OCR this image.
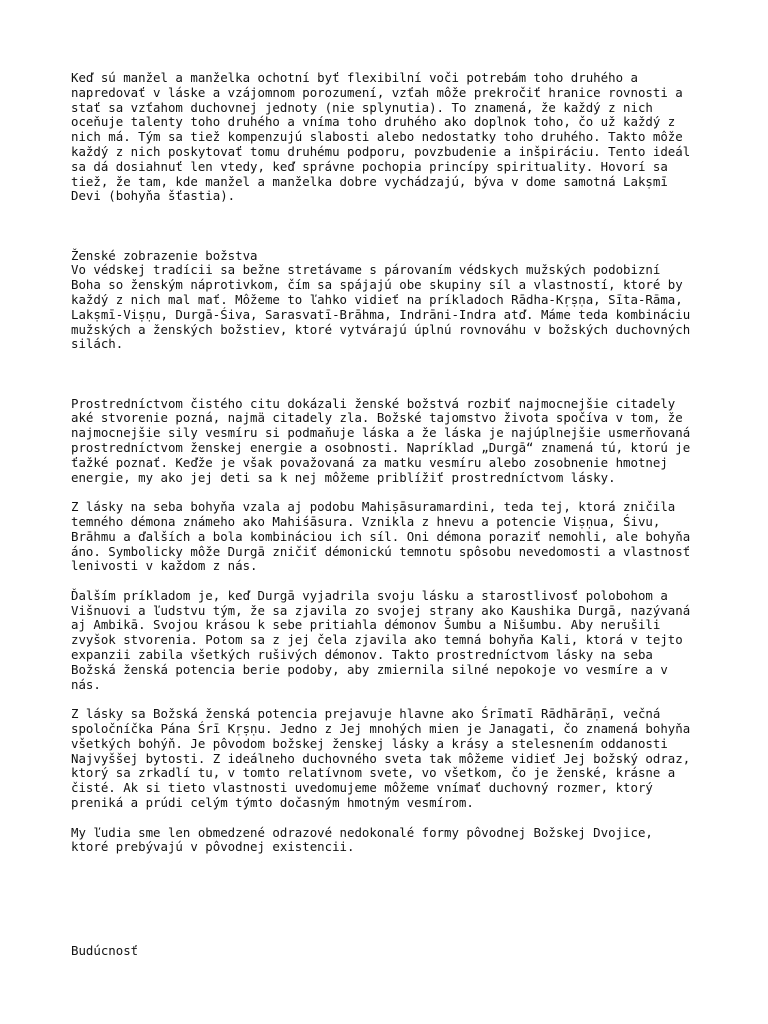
Keď sú manžel a manželka ochotní byť flexibilní voči potrebám toho druhého a
napredovať v láske a vzájomnom porozumení, vzťah môže prekročiť hranice rovnosti a
stať sa vzťahom duchovnej jednoty (nie splynutia). To znamená, že každý z nich
oceňuje talenty toho druhého a vníma toho druhého ako doplnok toho, čo už každý z
nich má. Tým sa tiež kompenzujú slabosti alebo nedostatky toho druhého. Takto môže
každý z nich poskytovať tomu druhému podporu, povzbudenie a inšpiráciu. Tento ideál
sa dá dosiahnuť len vtedy, keď správne pochopia princípy spirituality. Hovorí sa
tiež, že tam, kde manžel a manželka dobre vychádzajú, býva v dome samotná Lakṣmī
Devi (bohyňa šťastia).
Ženské zobrazenie božstva
Vo védskej tradícii sa bežne stretávame s párovaním védskych mužských podobizní
Boha so ženským náprotivkom, čím sa spájajú obe skupiny síl a vlastností, ktoré by
každý z nich mal mať. Môžeme to ľahko vidieť na príkladoch Rādha-Kṛṣṇa, Sīta-Rāma,
Lakṣmī-Viṣṇu, Durgā-Śiva, Sarasvatī-Brāhma, Indrāni-Indra atď. Máme teda kombináciu
mužských a ženských božstiev, ktoré vytvárajú úplnú rovnováhu v božských duchovných
silách.
Prostredníctvom čistého citu dokázali ženské božstvá rozbiť najmocnejšie citadely
aké stvorenie pozná, najmä citadely zla. Božské tajomstvo života spočíva v tom, že
najmocnejšie sily vesmíru si podmaňuje láska a že láska je najúplnejšie usmerňovaná
prostredníctvom ženskej energie a osobnosti. Napríklad „Durgā“ znamená tú, ktorú je
ťažké poznať. Keďže je však považovaná za matku vesmíru alebo zosobnenie hmotnej
energie, my ako jej deti sa k nej môžeme priblížiť prostredníctvom lásky.
Z lásky na seba bohyňa vzala aj podobu Mahiṣāsuramardini, teda tej, ktorá zničila
temného démona známeho ako Mahiśāsura. Vznikla z hnevu a potencie Viṣṇua, Śivu,
Brāhmu a ďalších a bola kombináciou ich síl. Oni démona poraziť nemohli, ale bohyňa
áno. Symbolicky môže Durgā zničiť démonickú temnotu spôsobu nevedomosti a vlastnosť
lenivosti v každom z nás.
Ďalším príkladom je, keď Durgā vyjadrila svoju lásku a starostlivosť polobohom a
Višnuovi a ľudstvu tým, že sa zjavila zo svojej strany ako Kaushika Durgā, nazývaná
aj Ambikā. Svojou krásou k sebe pritiahla démonov Šumbu a Nišumbu. Aby nerušili
zvyšok stvorenia. Potom sa z jej čela zjavila ako temná bohyňa Kali, ktorá v tejto
expanzii zabila všetkých rušivých démonov. Takto prostredníctvom lásky na seba
Božská ženská potencia berie podoby, aby zmiernila silné nepokoje vo vesmíre a v
nás.
Z lásky sa Božská ženská potencia prejavuje hlavne ako Śrīmatī Rādhārāṇī, večná
spoločníčka Pána Śrī Kṛṣṇu. Jedno z Jej mnohých mien je Janagati, čo znamená bohyňa
všetkých bohýň. Je pôvodom božskej ženskej lásky a krásy a stelesnením oddanosti
Najvyššej bytosti. Z ideálneho duchovného sveta tak môžeme vidieť Jej božský odraz,
ktorý sa zrkadlí tu, v tomto relatívnom svete, vo všetkom, čo je ženské, krásne a
čisté. Ak si tieto vlastnosti uvedomujeme môžeme vnímať duchovný rozmer, ktorý
preniká a prúdi celým týmto dočasným hmotným vesmírom.
My ľudia sme len obmedzené odrazové nedokonalé formy pôvodnej Božskej Dvojice,
ktoré prebývajú v pôvodnej existencii.
Budúcnosť
